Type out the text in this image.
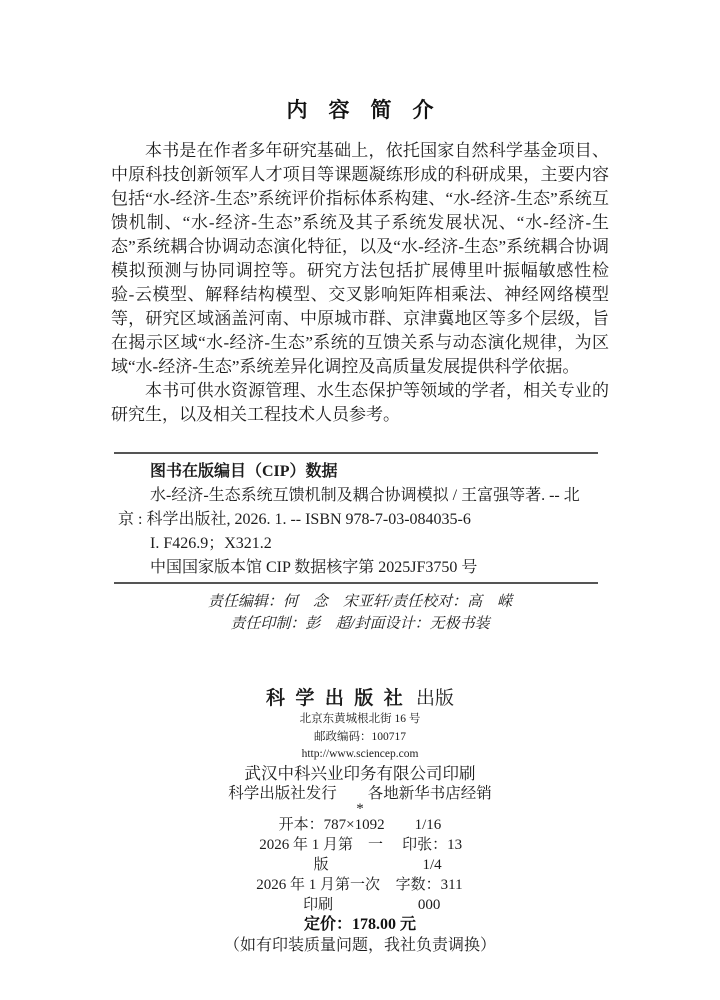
内　容　简　介

本书是在作者多年研究基础上，依托国家自然科学基金项目、中原科技创新领军人才项目等课题凝练形成的科研成果，主要内容包括“水-经济-生态”系统评价指标体系构建、“水-经济-生态”系统互馈机制、“水-经济-生态”系统及其子系统发展状况、“水-经济-生态”系统耦合协调动态演化特征，以及“水-经济-生态”系统耦合协调模拟预测与协同调控等。研究方法包括扩展傅里叶振幅敏感性检验-云模型、解释结构模型、交叉影响矩阵相乘法、神经网络模型等，研究区域涵盖河南、中原城市群、京津冀地区等多个层级，旨在揭示区域“水-经济-生态”系统的互馈关系与动态演化规律，为区域“水-经济-生态”系统差异化调控及高质量发展提供科学依据。

本书可供水资源管理、水生态保护等领域的学者，相关专业的研究生，以及相关工程技术人员参考。

图书在版编目（CIP）数据
水-经济-生态系统互馈机制及耦合协调模拟 / 王富强等著. -- 北
京 : 科学出版社, 2026. 1. -- ISBN 978-7-03-084035-6
I. F426.9；X321.2
中国国家版本馆 CIP 数据核字第 2025JF3750 号
责任编辑：何　念　宋亚轩/责任校对：高　嵘
责任印制：彭　超/封面设计：无极书装
科学出版社 出版
北京东黄城根北街 16 号
邮政编码：100717
http://www.sciencep.com
武汉中科兴业印务有限公司印刷
科学出版社发行　　各地新华书店经销
*
开本：787×1092　　1/16
2026 年 1 月第　一　版
印张：13 1/4
2026 年 1 月第一次印刷
字数：311 000
定价：178.00 元
（如有印装质量问题，我社负责调换）
